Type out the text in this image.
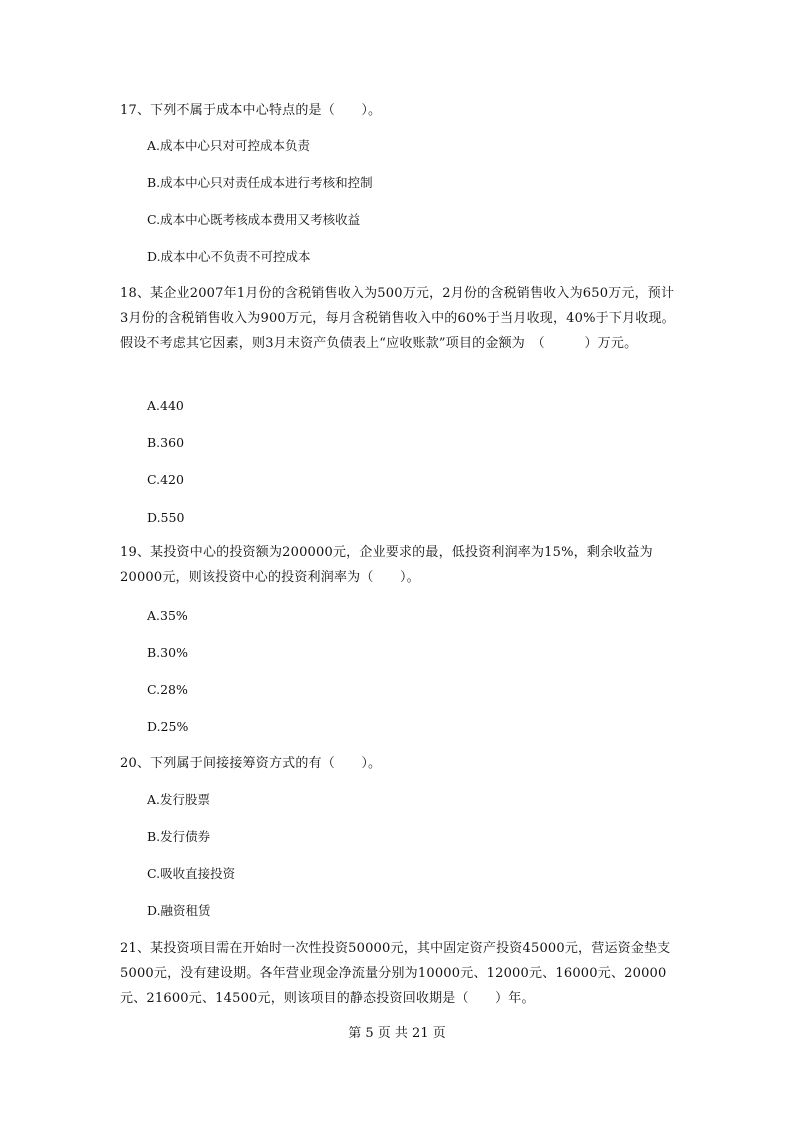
17、下列不属于成本中心特点的是（　　）。
A.成本中心只对可控成本负责
B.成本中心只对责任成本进行考核和控制
C.成本中心既考核成本费用又考核收益
D.成本中心不负责不可控成本
18、某企业2007年1月份的含税销售收入为500万元，2月份的含税销售收入为650万元，预计3月份的含税销售收入为900万元，每月含税销售收入中的60%于当月收现，40%于下月收现。假设不考虑其它因素，则3月末资产负债表上“应收账款”项目的金额为　（　　　）万元。
A.440
B.360
C.420
D.550
19、某投资中心的投资额为200000元，企业要求的最，低投资利润率为15%，剩余收益为20000元，则该投资中心的投资利润率为（　　）。
A.35%
B.30%
C.28%
D.25%
20、下列属于间接接筹资方式的有（　　）。
A.发行股票
B.发行债券
C.吸收直接投资
D.融资租赁
21、某投资项目需在开始时一次性投资50000元，其中固定资产投资45000元，营运资金垫支5000元，没有建设期。各年营业现金净流量分别为10000元、12000元、16000元、20000元、21600元、14500元，则该项目的静态投资回收期是（　　）年。
第 5 页 共 21 页
